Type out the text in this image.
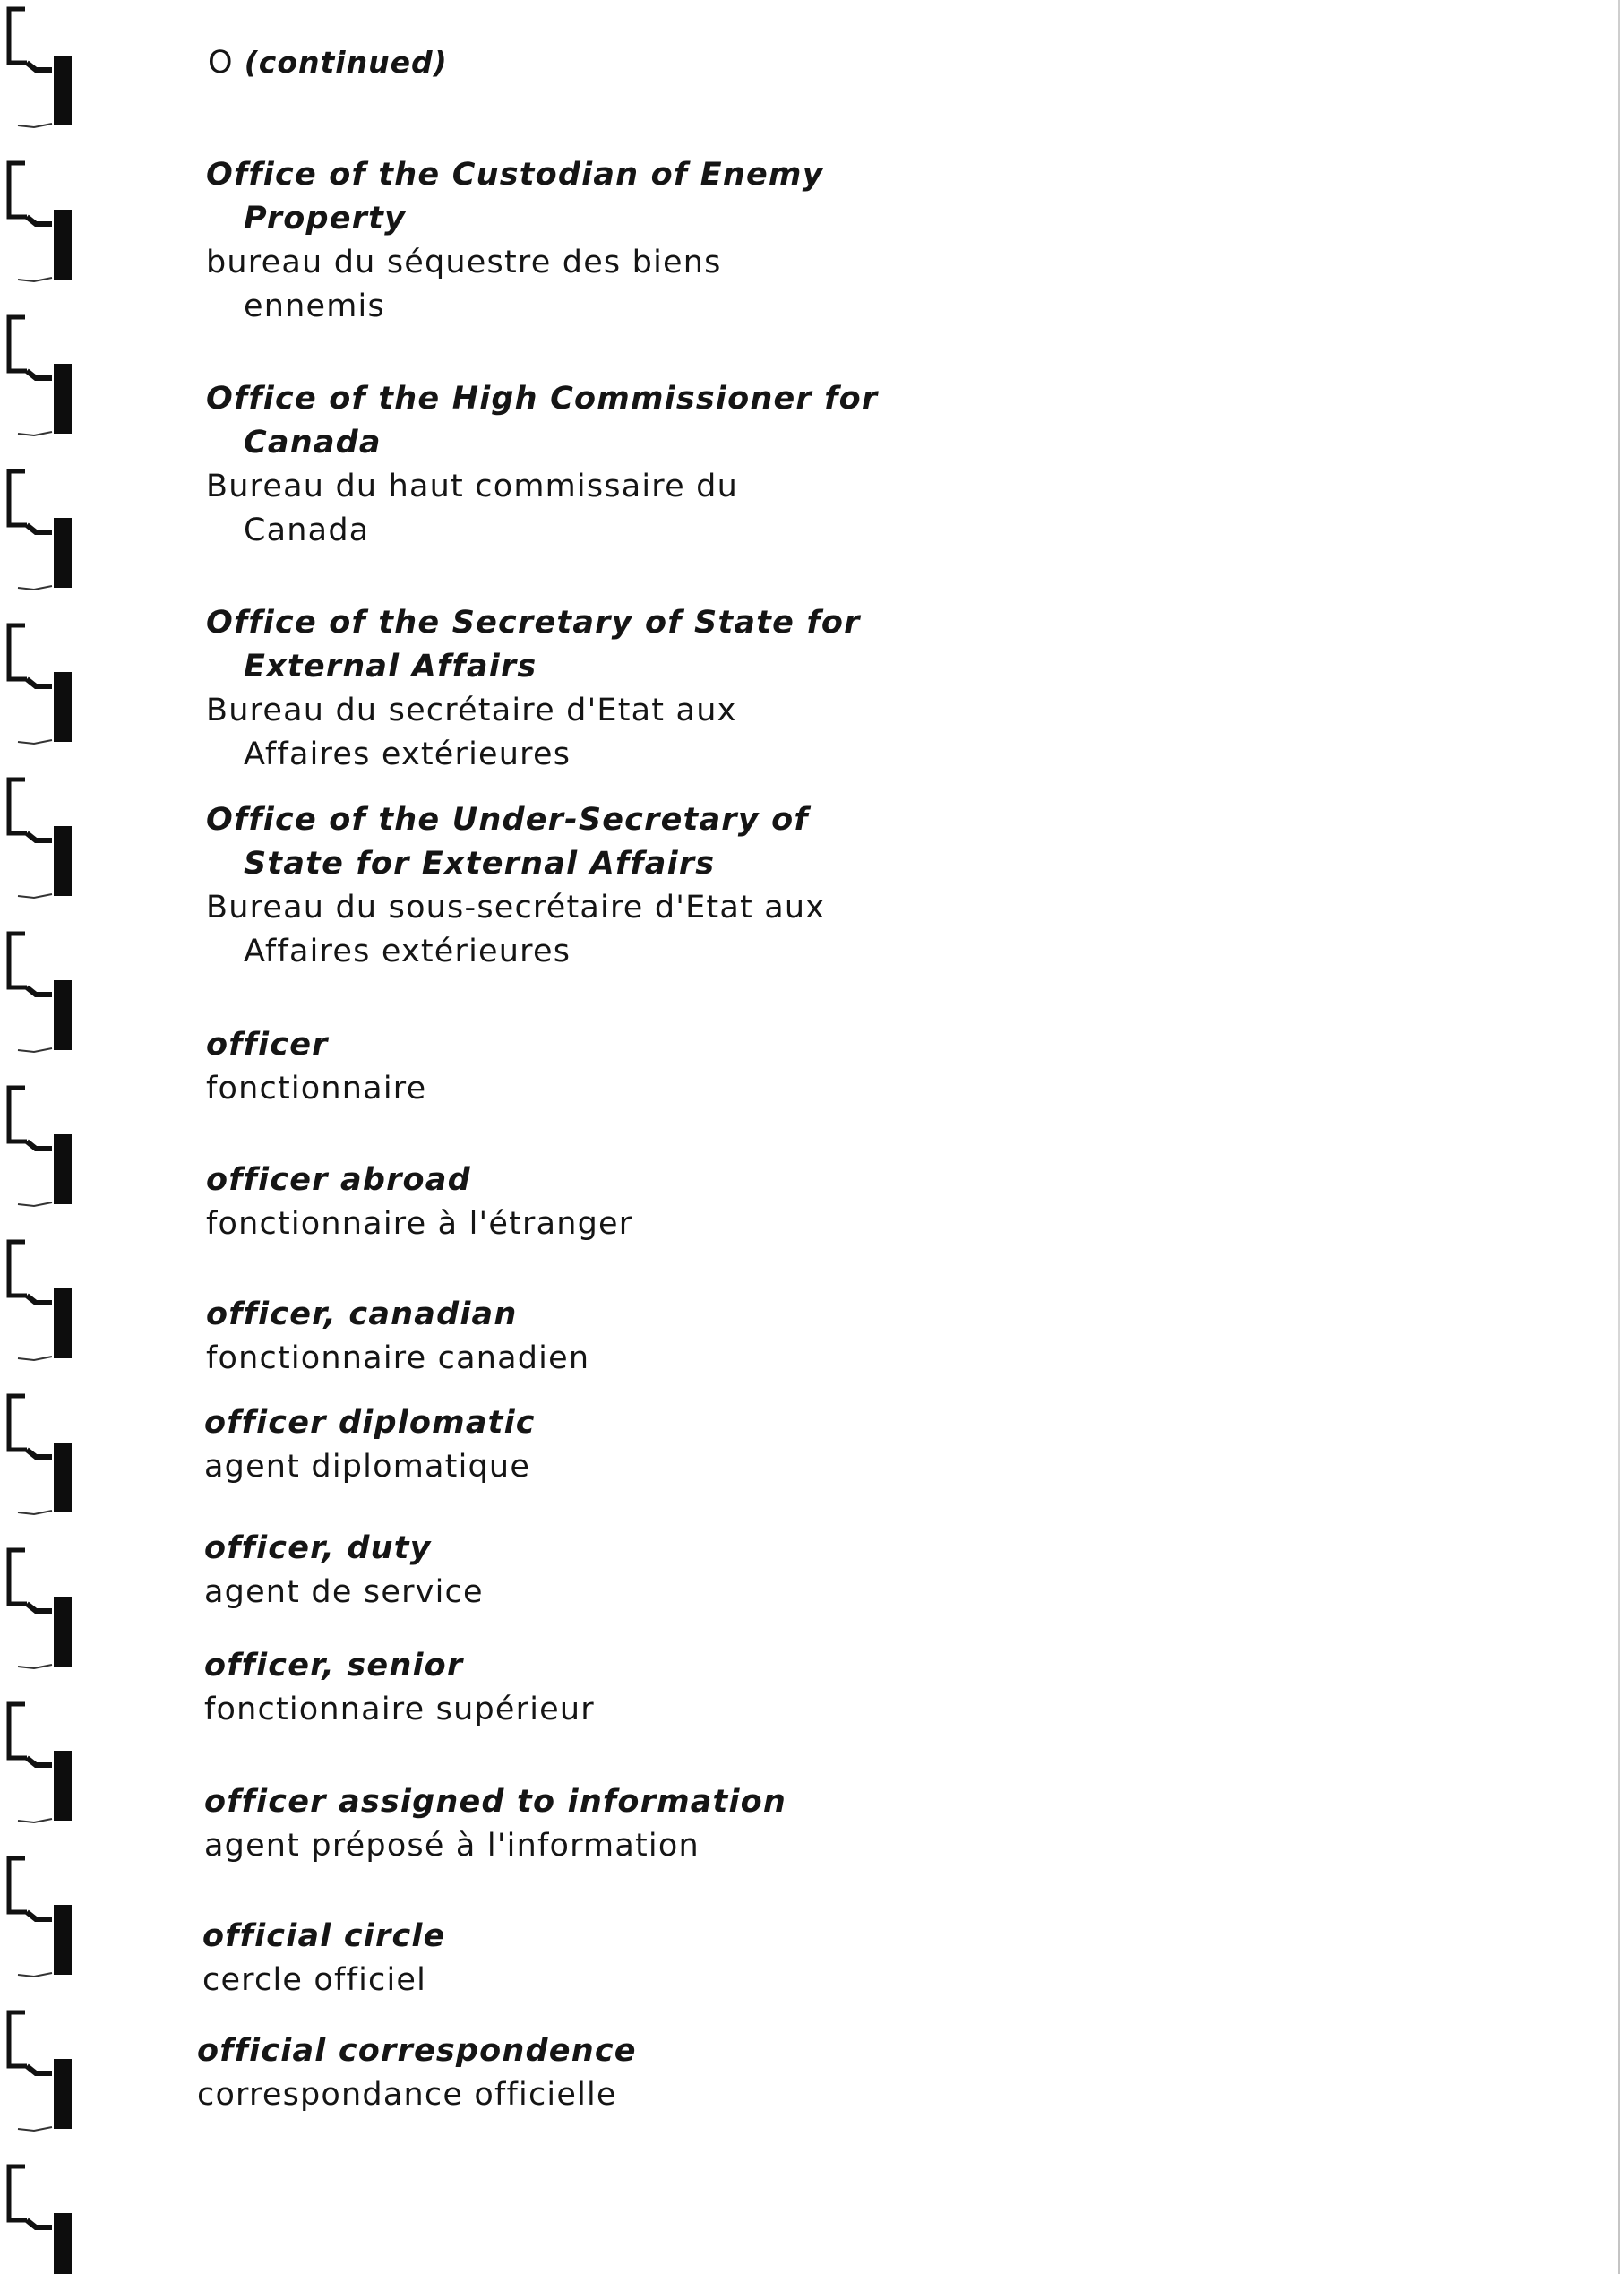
O (continued)
Office of the Custodian of Enemy
Property
bureau du séquestre des biens
ennemis
Office of the High Commissioner for
Canada
Bureau du haut commissaire du
Canada
Office of the Secretary of State for
External Affairs
Bureau du secrétaire d'Etat aux
Affaires extérieures
Office of the Under-Secretary of
State for External Affairs
Bureau du sous-secrétaire d'Etat aux
Affaires extérieures
officer
fonctionnaire
officer abroad
fonctionnaire à l'étranger
officer, canadian
fonctionnaire canadien
officer diplomatic
agent diplomatique
officer, duty
agent de service
officer, senior
fonctionnaire supérieur
officer assigned to information
agent préposé à l'information
official circle
cercle officiel
official correspondence
correspondance officielle
